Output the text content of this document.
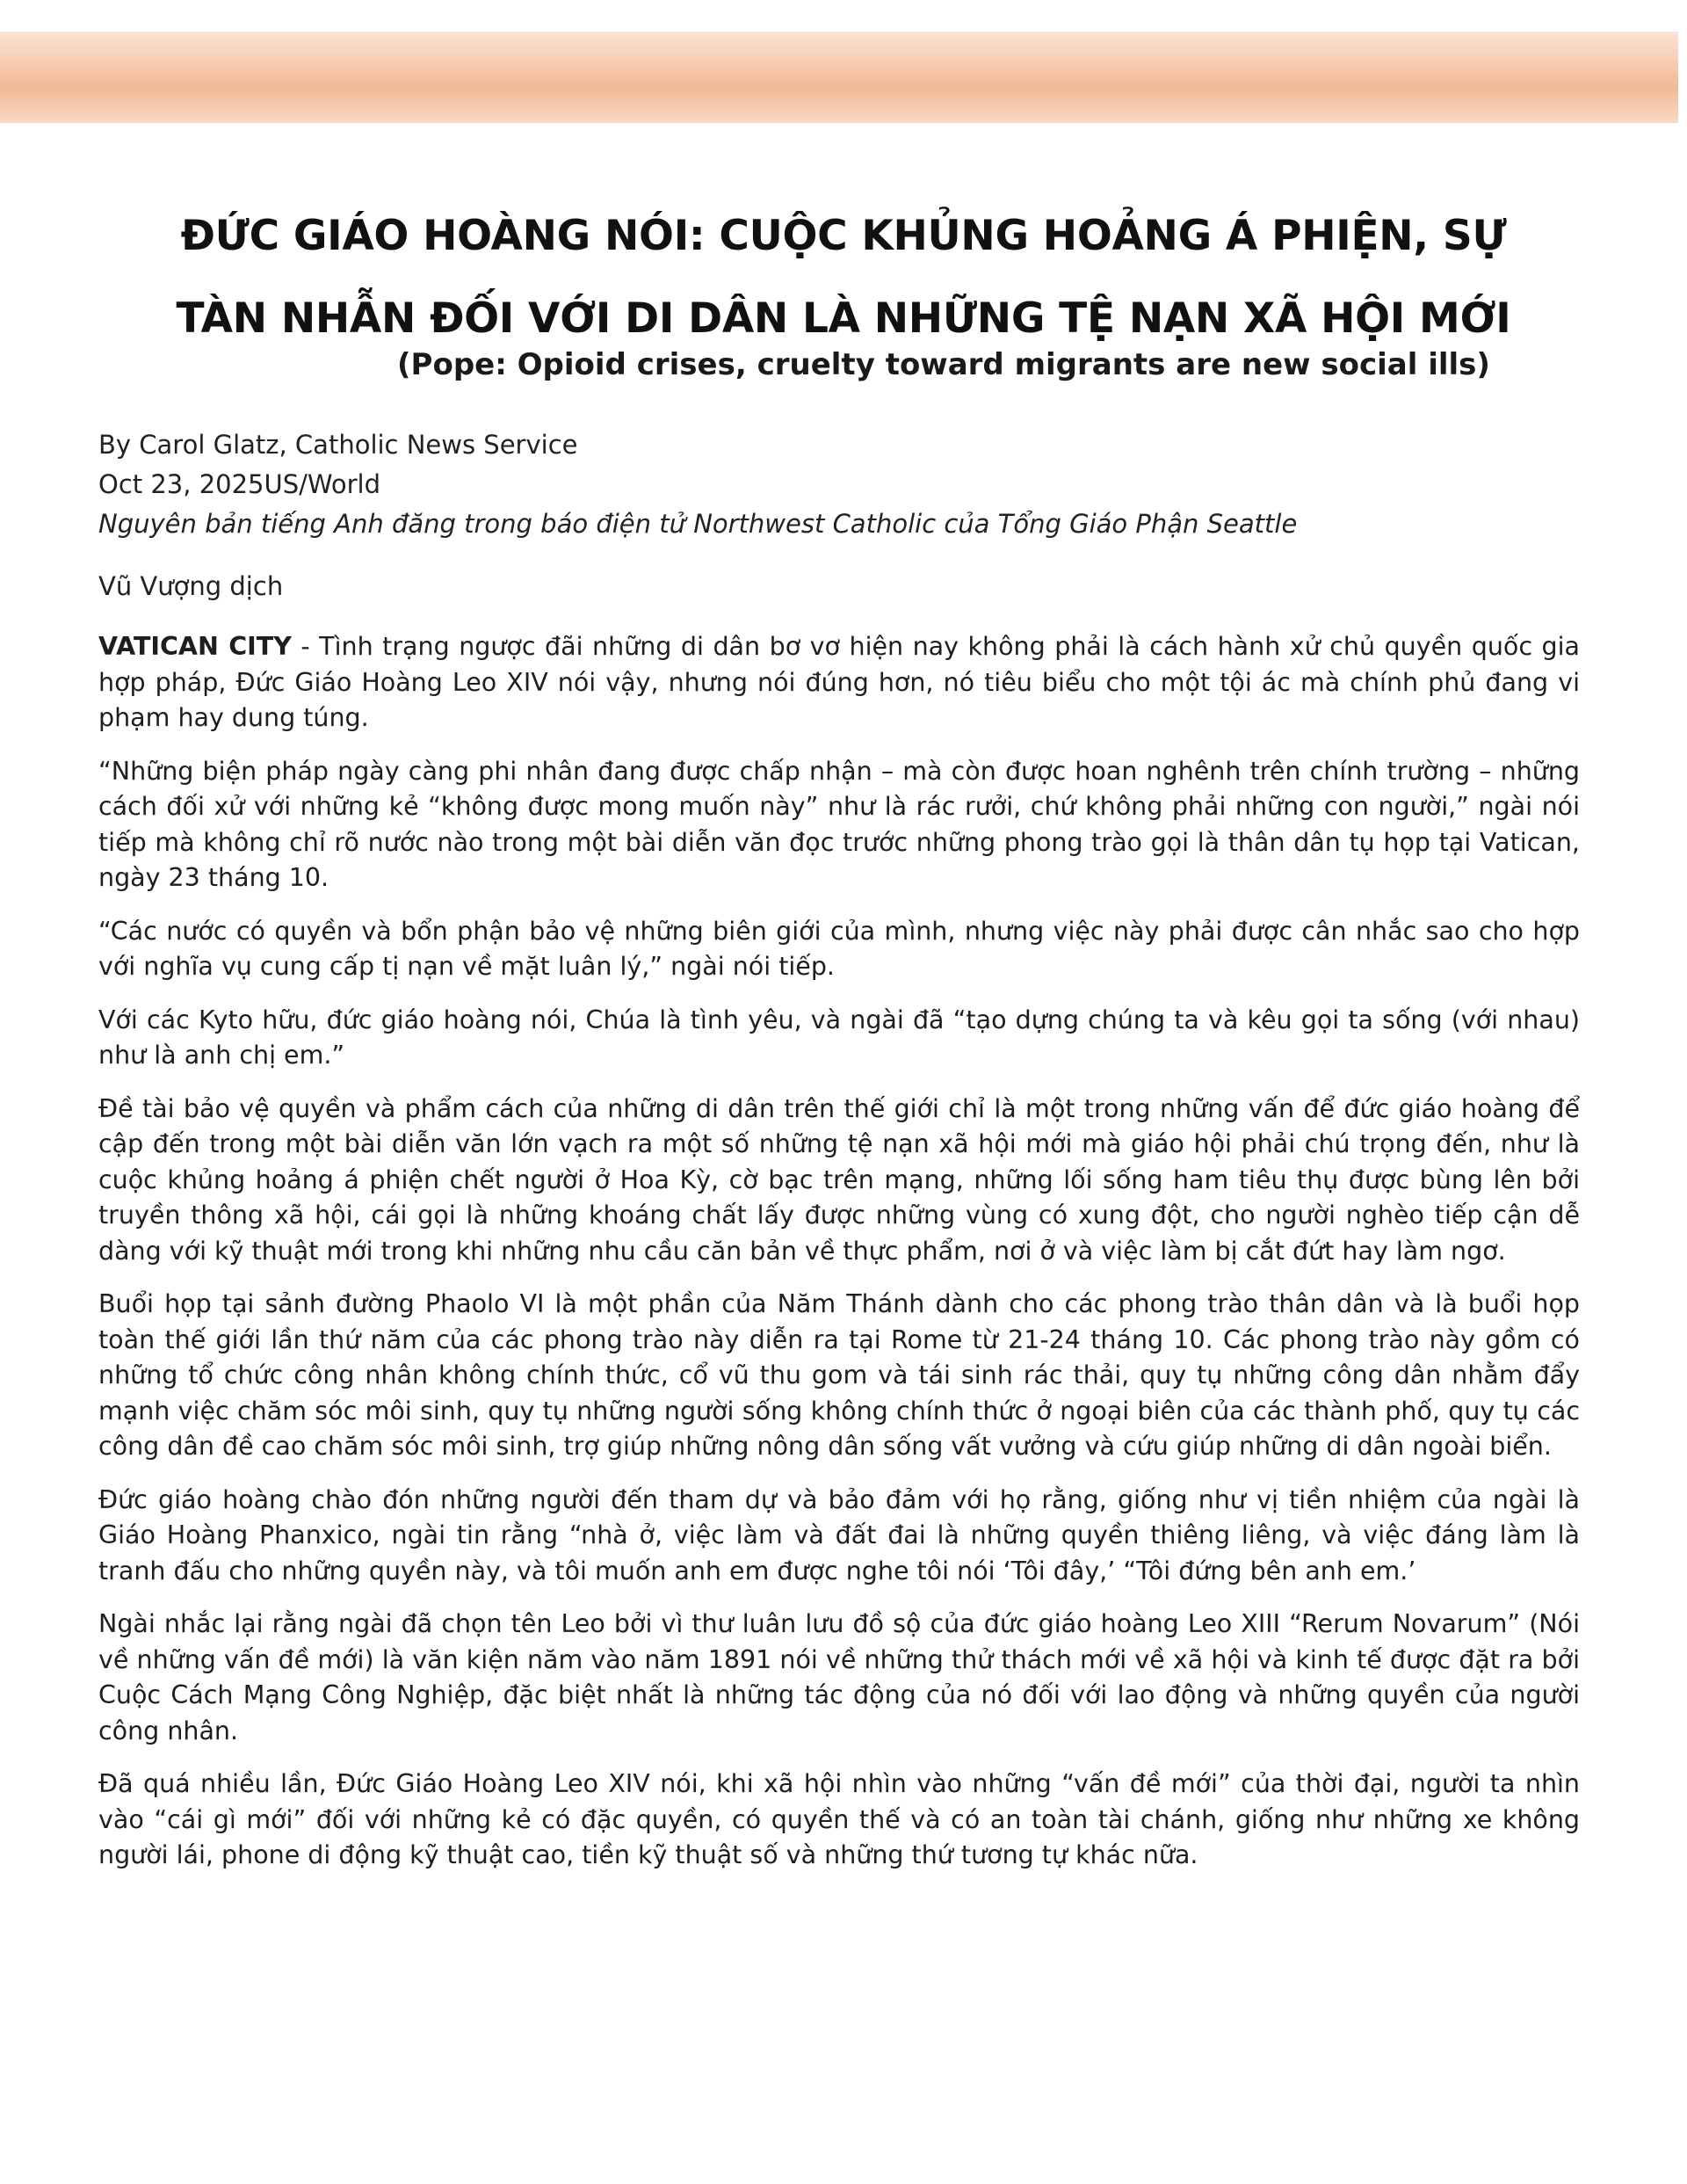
ĐỨC GIÁO HOÀNG NÓI: CUỘC KHỦNG HOẢNG Á PHIỆN, SỰ
TÀN NHẪN ĐỐI VỚI DI DÂN LÀ NHỮNG TỆ NẠN XÃ HỘI MỚI
(Pope: Opioid crises, cruelty toward migrants are new social ills)
By Carol Glatz, Catholic News Service
Oct 23, 2025US/World
Nguyên bản tiếng Anh đăng trong báo điện tử Northwest Catholic của Tổng Giáo Phận Seattle
Vũ Vượng dịch

VATICAN CITY - Tình trạng ngược đãi những di dân bơ vơ hiện nay không phải là cách hành xử chủ quyền quốc gia hợp pháp, Đức Giáo Hoàng Leo XIV nói vậy, nhưng nói đúng hơn, nó tiêu biểu cho một tội ác mà chính phủ đang vi phạm hay dung túng.

“Những biện pháp ngày càng phi nhân đang được chấp nhận – mà còn được hoan nghênh trên chính trường – những cách đối xử với những kẻ “không được mong muốn này” như là rác rưởi, chứ không phải những con người,” ngài nói tiếp mà không chỉ rõ nước nào trong một bài diễn văn đọc trước những phong trào gọi là thân dân tụ họp tại Vatican, ngày 23 tháng 10.

“Các nước có quyền và bổn phận bảo vệ những biên giới của mình, nhưng việc này phải được cân nhắc sao cho hợp với nghĩa vụ cung cấp tị nạn về mặt luân lý,” ngài nói tiếp.

Với các Kyto hữu, đức giáo hoàng nói, Chúa là tình yêu, và ngài đã “tạo dựng chúng ta và kêu gọi ta sống (với nhau) như là anh chị em.”

Đề tài bảo vệ quyền và phẩm cách của những di dân trên thế giới chỉ là một trong những vấn để đức giáo hoàng để cập đến trong một bài diễn văn lớn vạch ra một số những tệ nạn xã hội mới mà giáo hội phải chú trọng đến, như là cuộc khủng hoảng á phiện chết người ở Hoa Kỳ, cờ bạc trên mạng, những lối sống ham tiêu thụ được bùng lên bởi truyền thông xã hội, cái gọi là những khoáng chất lấy được những vùng có xung đột, cho người nghèo tiếp cận dễ dàng với kỹ thuật mới trong khi những nhu cầu căn bản về thực phẩm, nơi ở và việc làm bị cắt đứt hay làm ngơ.

Buổi họp tại sảnh đường Phaolo VI là một phần của Năm Thánh dành cho các phong trào thân dân và là buổi họp toàn thế giới lần thứ năm của các phong trào này diễn ra tại Rome từ 21-24 tháng 10. Các phong trào này gồm có những tổ chức công nhân không chính thức, cổ vũ thu gom và tái sinh rác thải, quy tụ những công dân nhằm đẩy mạnh việc chăm sóc môi sinh, quy tụ những người sống không chính thức ở ngoại biên của các thành phố, quy tụ các công dân đề cao chăm sóc môi sinh, trợ giúp những nông dân sống vất vưởng và cứu giúp những di dân ngoài biển.

Đức giáo hoàng chào đón những người đến tham dự và bảo đảm với họ rằng, giống như vị tiền nhiệm của ngài là Giáo Hoàng Phanxico, ngài tin rằng “nhà ở, việc làm và đất đai là những quyền thiêng liêng, và việc đáng làm là tranh đấu cho những quyền này, và tôi muốn anh em được nghe tôi nói ‘Tôi đây,’ “Tôi đứng bên anh em.’

Ngài nhắc lại rằng ngài đã chọn tên Leo bởi vì thư luân lưu đồ sộ của đức giáo hoàng Leo XIII “Rerum Novarum” (Nói về những vấn đề mới) là văn kiện năm vào năm 1891 nói về những thử thách mới về xã hội và kinh tế được đặt ra bởi Cuộc Cách Mạng Công Nghiệp, đặc biệt nhất là những tác động của nó đối với lao động và những quyền của người công nhân.

Đã quá nhiều lần, Đức Giáo Hoàng Leo XIV nói, khi xã hội nhìn vào những “vấn đề mới” của thời đại, người ta nhìn vào “cái gì mới” đối với những kẻ có đặc quyền, có quyền thế và có an toàn tài chánh, giống như những xe không người lái, phone di động kỹ thuật cao, tiền kỹ thuật số và những thứ tương tự khác nữa.
